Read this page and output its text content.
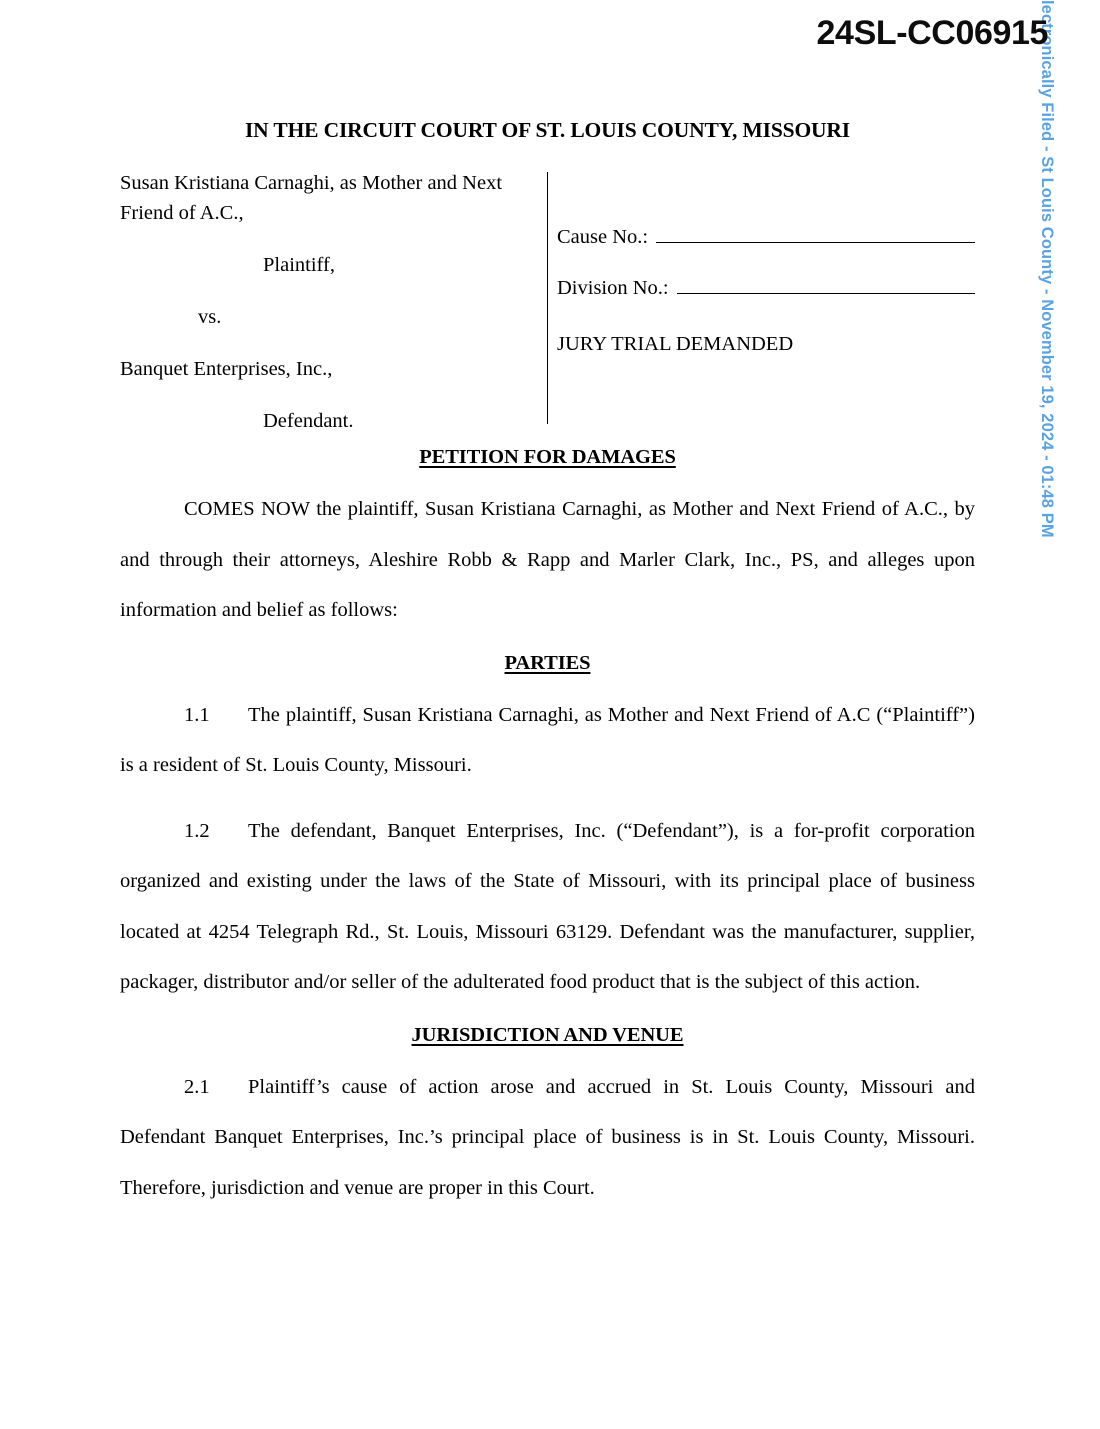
lectronically Filed - St Louis County - November 19, 2024 - 01:48 PM
24SL-CC06915
IN THE CIRCUIT COURT OF ST. LOUIS COUNTY, MISSOURI

Susan Kristiana Carnaghi, as Mother and Next Friend of A.C.,

Plaintiff,

vs.

Banquet Enterprises, Inc.,

Defendant.

Cause No.:
Division No.:
JURY TRIAL DEMANDED
PETITION FOR DAMAGES

COMES NOW the plaintiff, Susan Kristiana Carnaghi, as Mother and Next Friend of A.C., by and through their attorneys, Aleshire Robb & Rapp and Marler Clark, Inc., PS, and alleges upon information and belief as follows:

PARTIES

1.1 The plaintiff, Susan Kristiana Carnaghi, as Mother and Next Friend of A.C (“Plaintiff”) is a resident of St. Louis County, Missouri.

1.2 The defendant, Banquet Enterprises, Inc. (“Defendant”), is a for-profit corporation organized and existing under the laws of the State of Missouri, with its principal place of business located at 4254 Telegraph Rd., St. Louis, Missouri 63129. Defendant was the manufacturer, supplier, packager, distributor and/or seller of the adulterated food product that is the subject of this action.

JURISDICTION AND VENUE

2.1 Plaintiff’s cause of action arose and accrued in St. Louis County, Missouri and Defendant Banquet Enterprises, Inc.’s principal place of business is in St. Louis County, Missouri. Therefore, jurisdiction and venue are proper in this Court.
